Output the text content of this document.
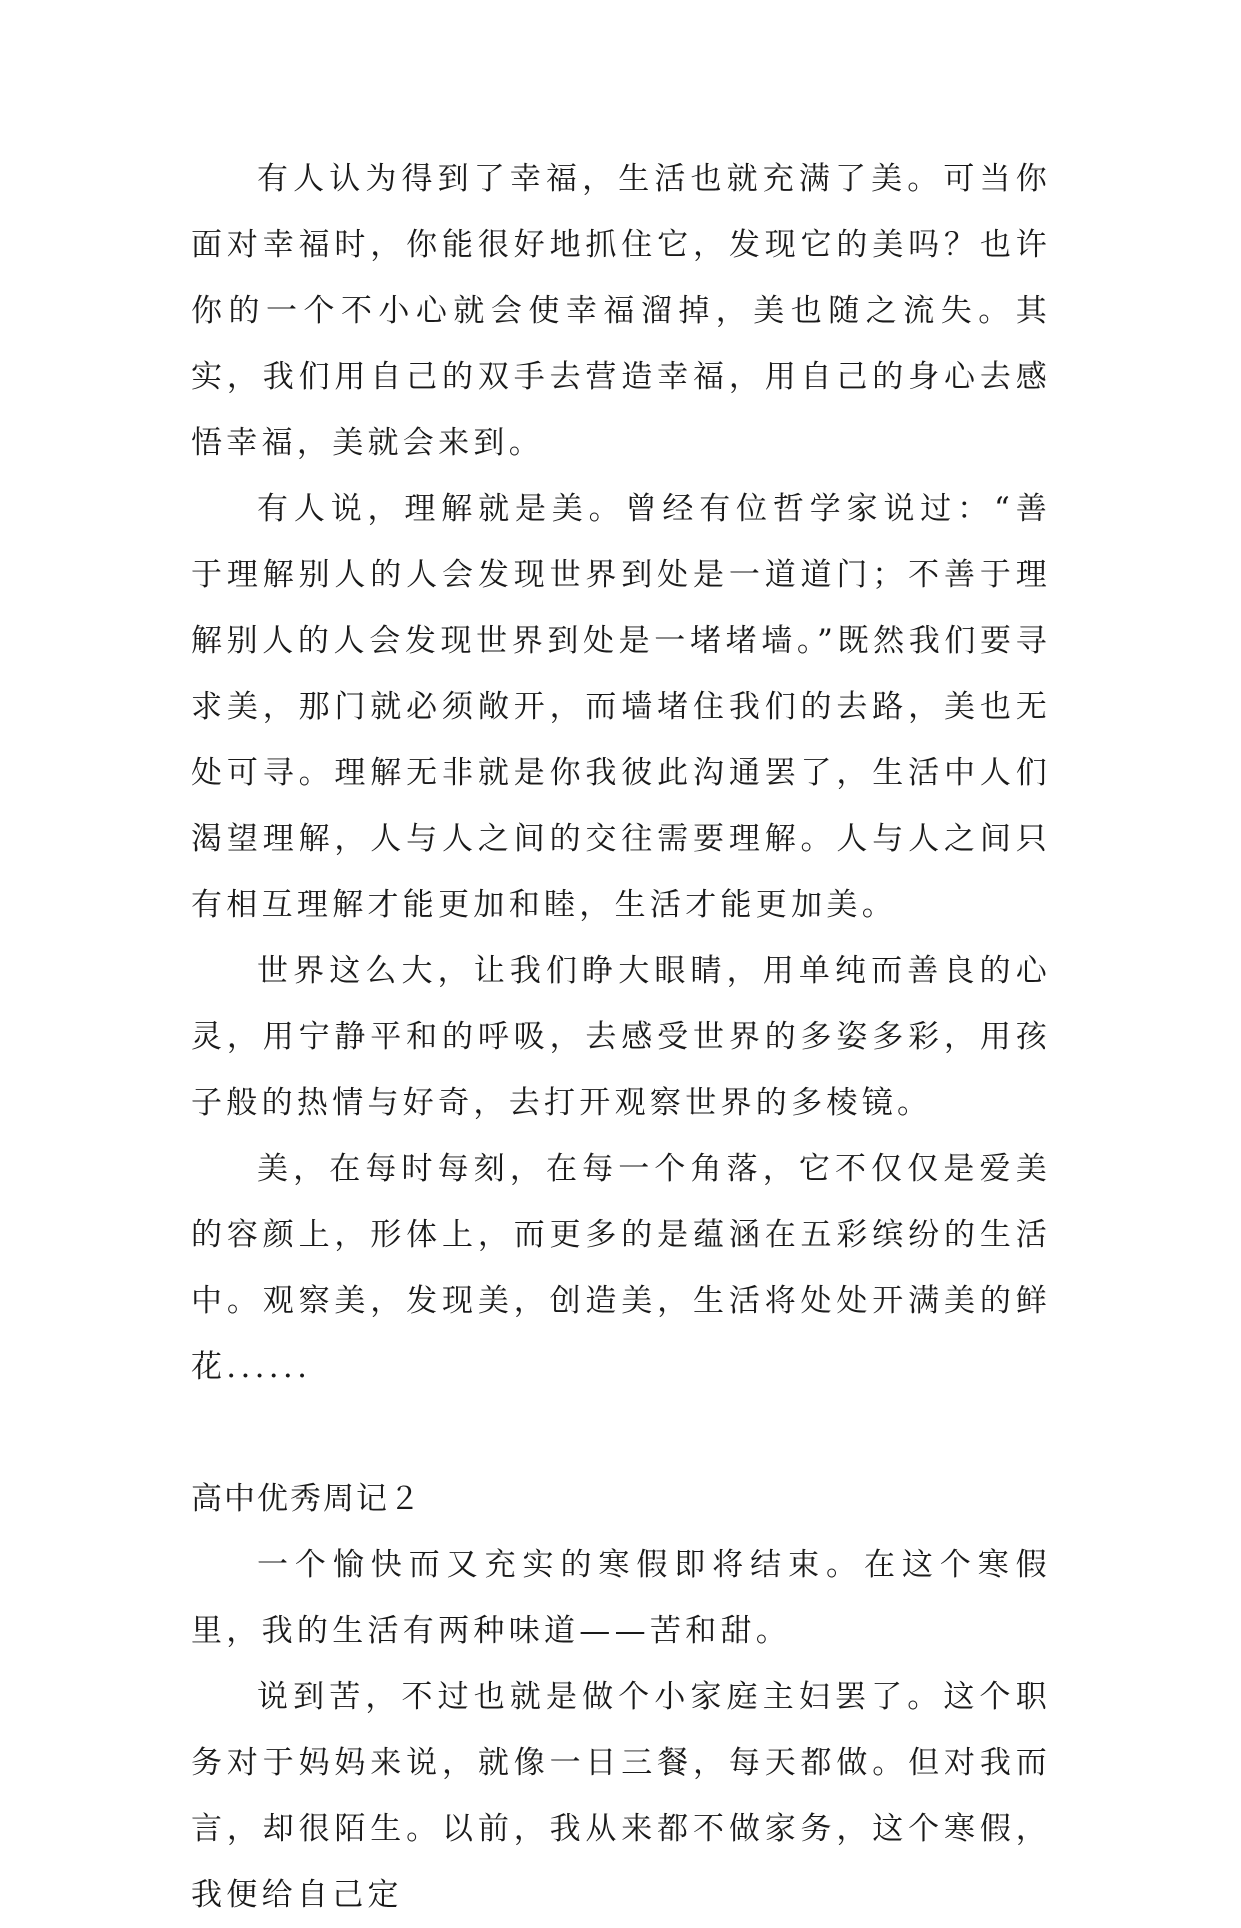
有人认为得到了幸福，生活也就充满了美。可当你面对幸福时，你能很好地抓住它，发现它的美吗？也许你的一个不小心就会使幸福溜掉，美也随之流失。其实，我们用自己的双手去营造幸福，用自己的身心去感悟幸福，美就会来到。

有人说，理解就是美。曾经有位哲学家说过：“善于理解别人的人会发现世界到处是一道道门；不善于理解别人的人会发现世界到处是一堵堵墙。”既然我们要寻求美，那门就必须敞开，而墙堵住我们的去路，美也无处可寻。理解无非就是你我彼此沟通罢了，生活中人们渴望理解，人与人之间的交往需要理解。人与人之间只有相互理解才能更加和睦，生活才能更加美。

世界这么大，让我们睁大眼睛，用单纯而善良的心灵，用宁静平和的呼吸，去感受世界的多姿多彩，用孩子般的热情与好奇，去打开观察世界的多棱镜。

美，在每时每刻，在每一个角落，它不仅仅是爱美的容颜上，形体上，而更多的是蕴涵在五彩缤纷的生活中。观察美，发现美，创造美，生活将处处开满美的鲜花......

高中优秀周记２

一个愉快而又充实的寒假即将结束。在这个寒假里，我的生活有两种味道——苦和甜。

说到苦，不过也就是做个小家庭主妇罢了。这个职务对于妈妈来说，就像一日三餐，每天都做。但对我而言，却很陌生。以前，我从来都不做家务，这个寒假，我便给自己定
